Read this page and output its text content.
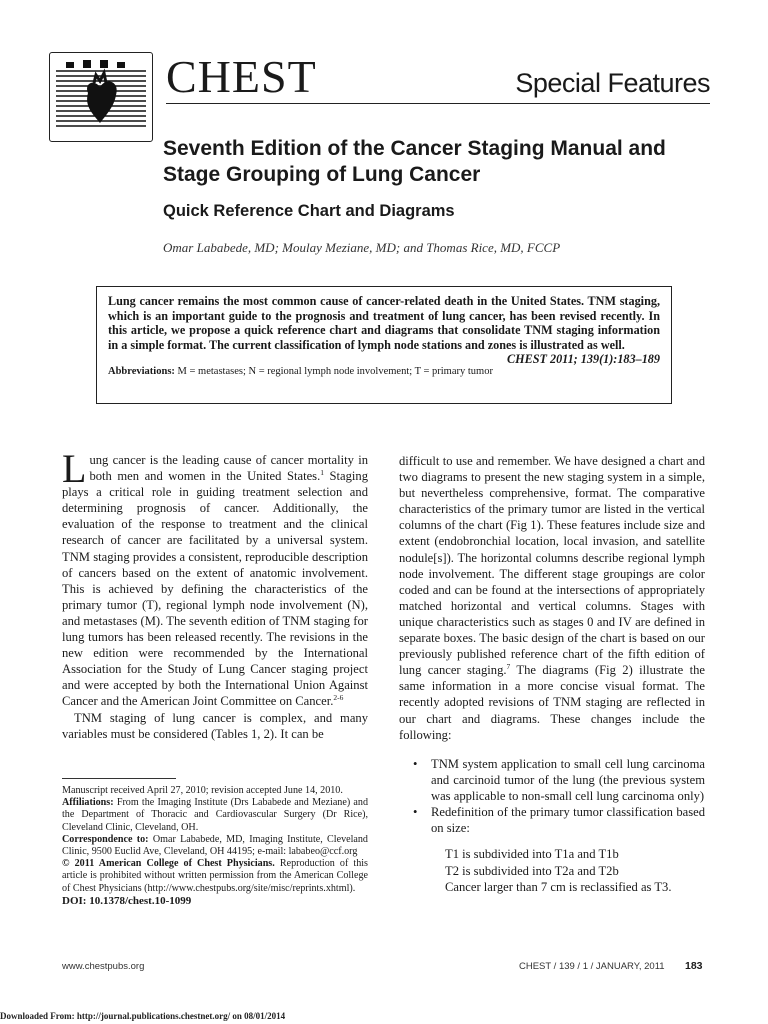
CHEST	Special Features
Seventh Edition of the Cancer Staging Manual and Stage Grouping of Lung Cancer
Quick Reference Chart and Diagrams

Omar Lababede, MD; Moulay Meziane, MD; and Thomas Rice, MD, FCCP

Lung cancer remains the most common cause of cancer-related death in the United States. TNM staging, which is an important guide to the prognosis and treatment of lung cancer, has been revised recently. In this article, we propose a quick reference chart and diagrams that consolidate TNM staging information in a simple format. The current classification of lymph node stations and zones is illustrated as well.
CHEST 2011; 139(1):183–189

Abbreviations: M = metastases; N = regional lymph node involvement; T = primary tumor

Lung cancer is the leading cause of cancer mortality in both men and women in the United States.$^1$ Staging plays a critical role in guiding treatment selection and determining prognosis of cancer. Additionally, the evaluation of the response to treatment and the clinical research of cancer are facilitated by a universal system. TNM staging provides a consistent, reproducible description of cancers based on the extent of anatomic involvement. This is achieved by defining the characteristics of the primary tumor (T), regional lymph node involvement (N), and metastases (M). The seventh edition of TNM staging for lung tumors has been released recently. The revisions in the new edition were recommended by the International Association for the Study of Lung Cancer staging project and were accepted by both the International Union Against Cancer and the American Joint Committee on Cancer.$^{2-6}$

TNM staging of lung cancer is complex, and many variables must be considered (Tables 1, 2). It can be

Manuscript received April 27, 2010; revision accepted June 14, 2010.

Affiliations: From the Imaging Institute (Drs Lababede and Meziane) and the Department of Thoracic and Cardiovascular Surgery (Dr Rice), Cleveland Clinic, Cleveland, OH.

Correspondence to: Omar Lababede, MD, Imaging Institute, Cleveland Clinic, 9500 Euclid Ave, Cleveland, OH 44195; e-mail: lababeo@ccf.org

© 2011 American College of Chest Physicians. Reproduction of this article is prohibited without written permission from the American College of Chest Physicians (http://www.chestpubs.org/site/misc/reprints.xhtml).

DOI: 10.1378/chest.10-1099

difficult to use and remember. We have designed a chart and two diagrams to present the new staging system in a simple, but nevertheless comprehensive, format. The comparative characteristics of the primary tumor are listed in the vertical columns of the chart (Fig 1). These features include size and extent (endobronchial location, local invasion, and satellite nodule[s]). The horizontal columns describe regional lymph node involvement. The different stage groupings are color coded and can be found at the intersections of appropriately matched horizontal and vertical columns. Stages with unique characteristics such as stages 0 and IV are defined in separate boxes. The basic design of the chart is based on our previously published reference chart of the fifth edition of lung cancer staging.$^7$ The diagrams (Fig 2) illustrate the same information in a more concise visual format. The recently adopted revisions of TNM staging are reflected in our chart and diagrams. These changes include the following:

• TNM system application to small cell lung carcinoma and carcinoid tumor of the lung (the previous system was applicable to non-small cell lung carcinoma only)
• Redefinition of the primary tumor classification based on size:
T1 is subdivided into T1a and T1b
T2 is subdivided into T2a and T2b
Cancer larger than 7 cm is reclassified as T3.
www.chestpubs.org	CHEST / 139 / 1 / JANUARY, 2011 183
Downloaded From: http://journal.publications.chestnet.org/ on 08/01/2014
